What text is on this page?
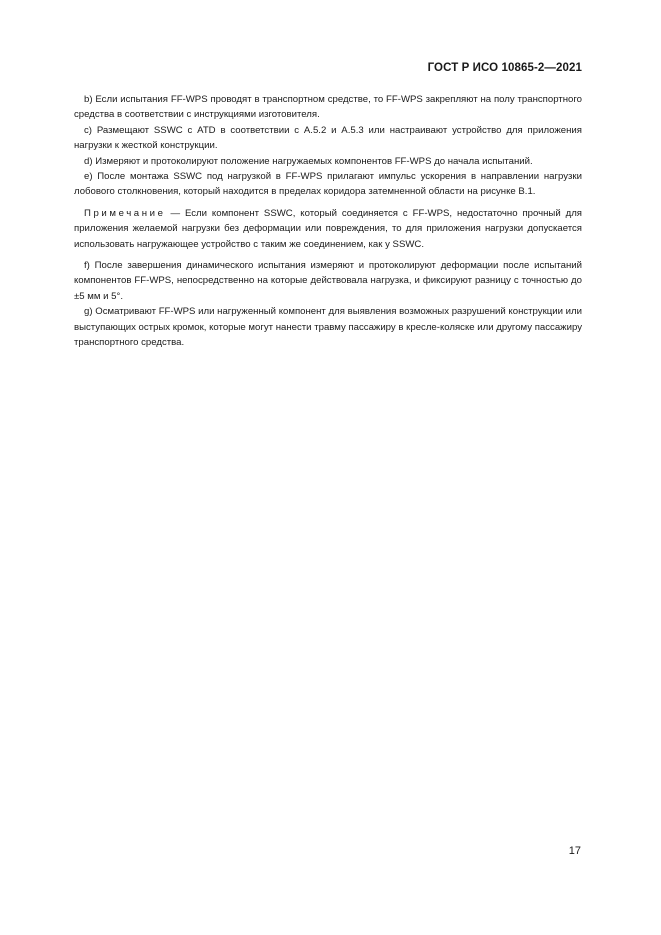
ГОСТ Р ИСО 10865-2—2021

b) Если испытания FF-WPS проводят в транспортном средстве, то FF-WPS закрепляют на полу транспортного средства в соответствии с инструкциями изготовителя.

c) Размещают SSWC с ATD в соответствии с A.5.2 и A.5.3 или настраивают устройство для приложения нагрузки к жесткой конструкции.

d) Измеряют и протоколируют положение нагружаемых компонентов FF-WPS до начала испытаний.

e) После монтажа SSWC под нагрузкой в FF-WPS прилагают импульс ускорения в направлении нагрузки лобового столкновения, который находится в пределах коридора затемненной области на рисунке B.1.

Примечание — Если компонент SSWC, который соединяется с FF-WPS, недостаточно прочный для приложения желаемой нагрузки без деформации или повреждения, то для приложения нагрузки допускается использовать нагружающее устройство с таким же соединением, как у SSWC.

f) После завершения динамического испытания измеряют и протоколируют деформации после испытаний компонентов FF-WPS, непосредственно на которые действовала нагрузка, и фиксируют разницу с точностью до ±5 мм и 5°.

g) Осматривают FF-WPS или нагруженный компонент для выявления возможных разрушений конструкции или выступающих острых кромок, которые могут нанести травму пассажиру в кресле-коляске или другому пассажиру транспортного средства.

17
